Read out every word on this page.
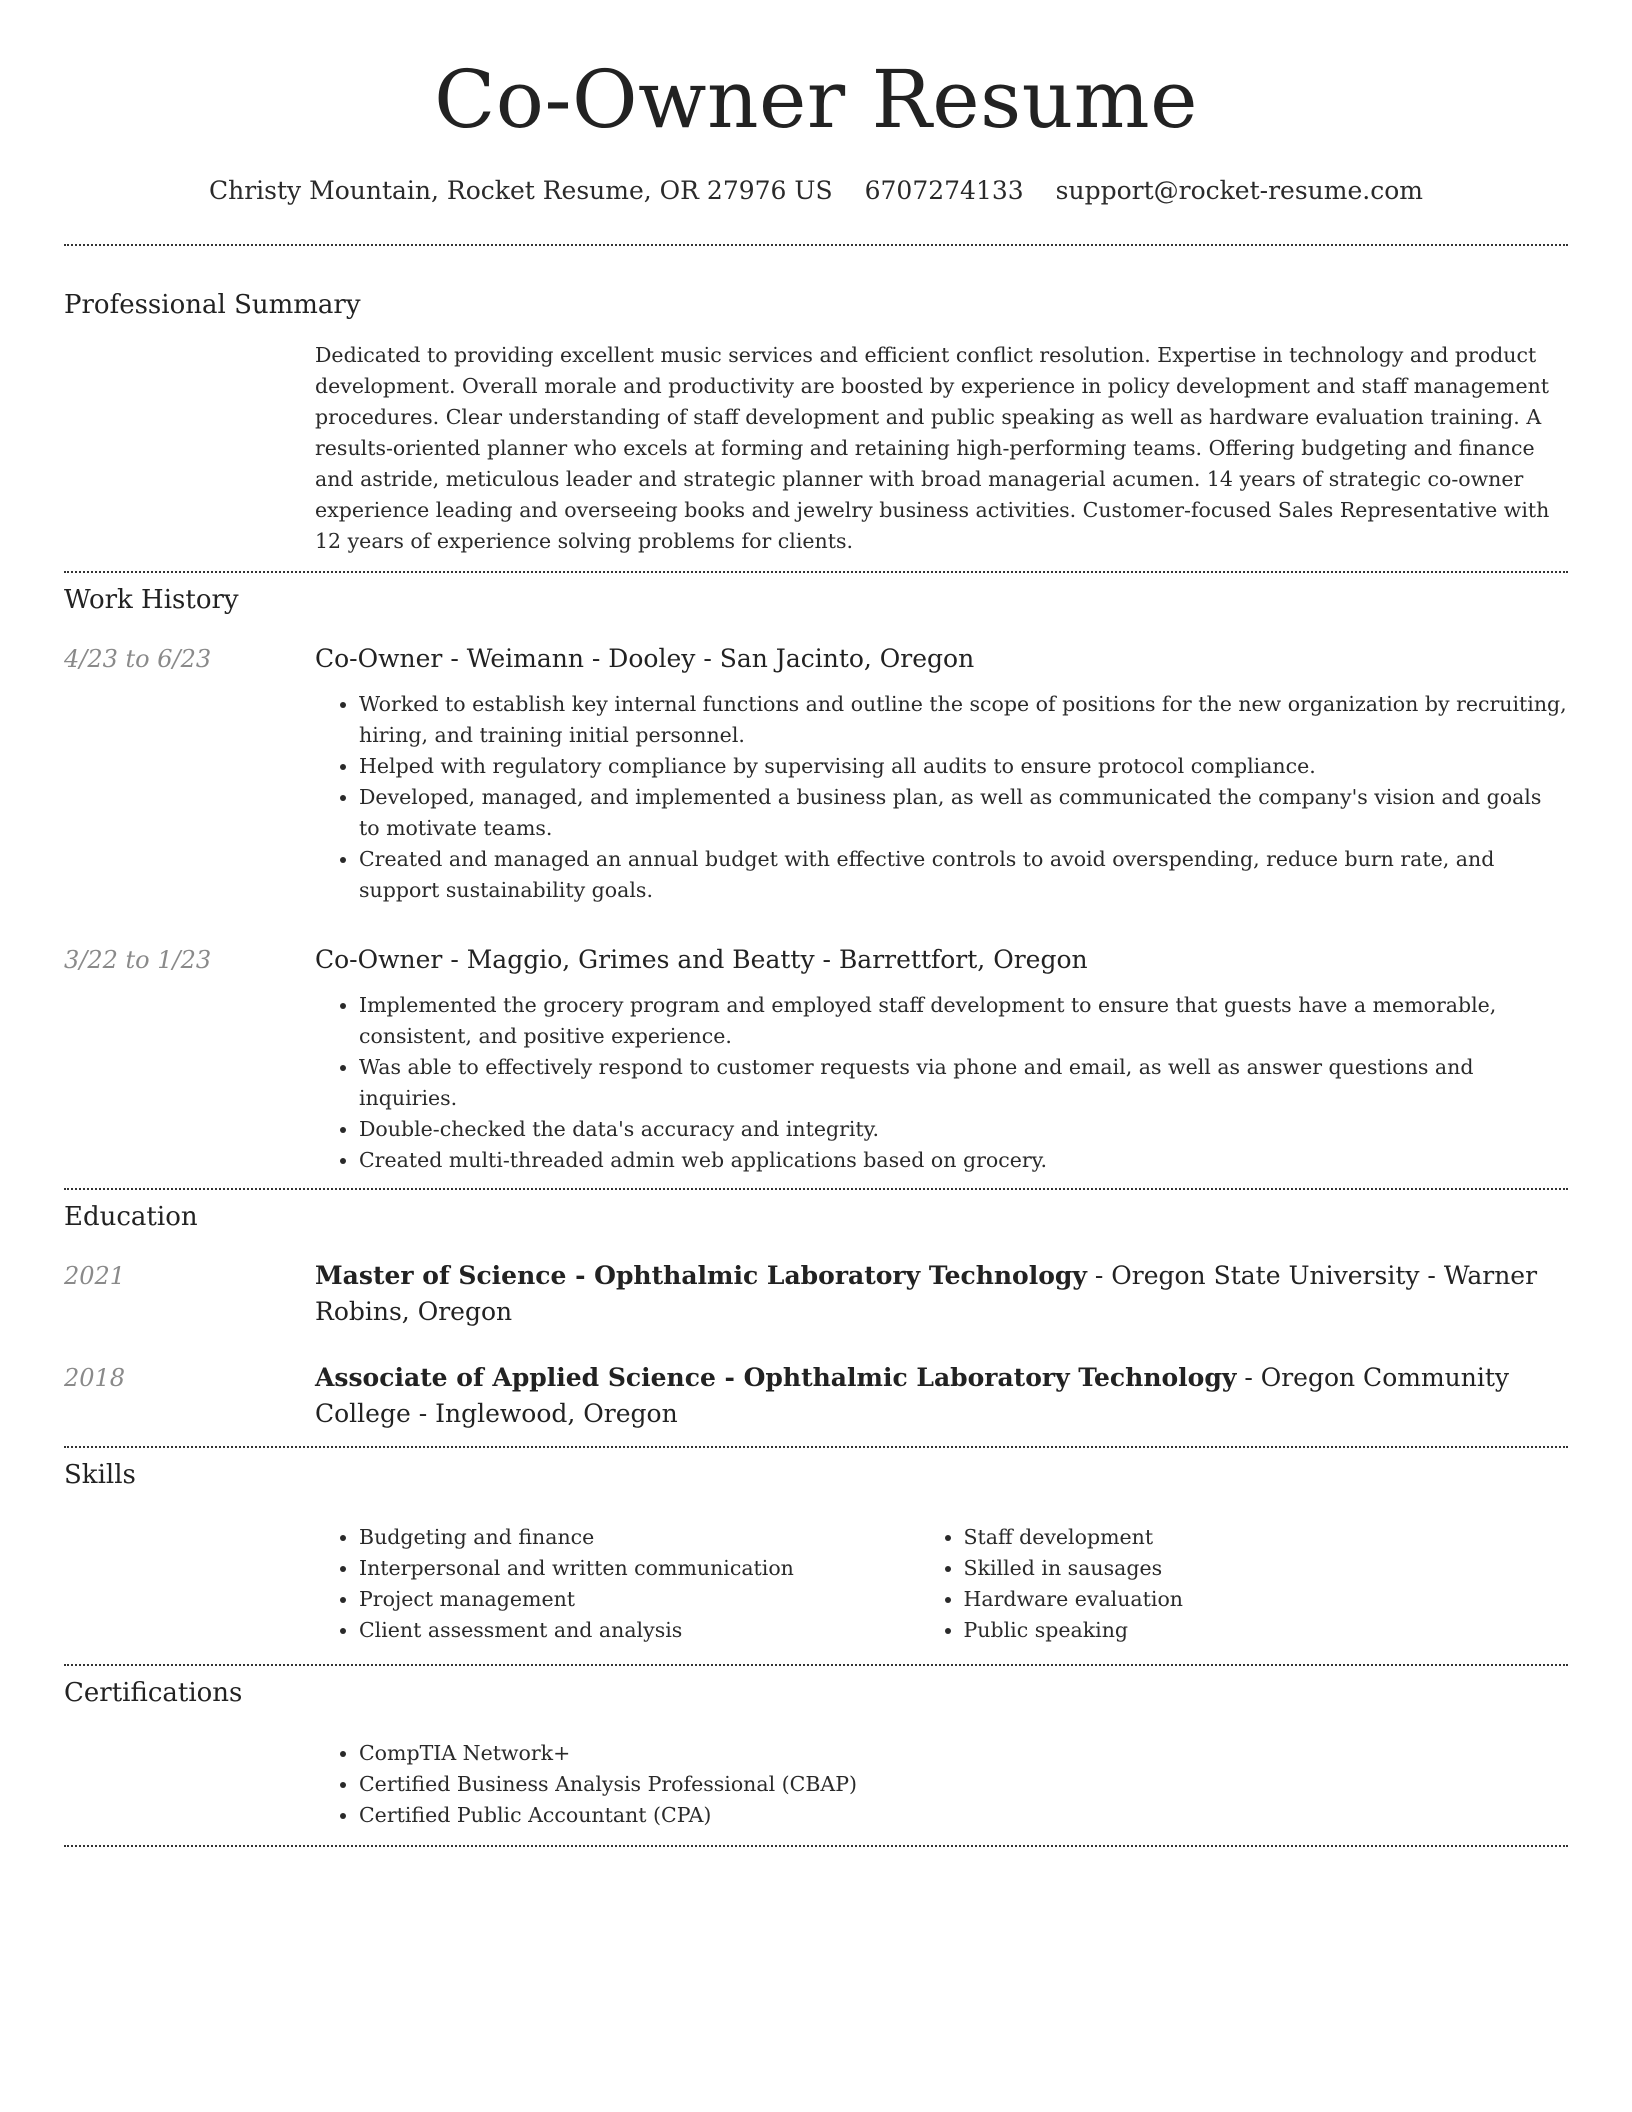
Co-Owner Resume
Christy Mountain, Rocket Resume, OR 27976 US 6707274133 support@rocket-resume.com
Professional Summary

Dedicated to providing excellent music services and efficient conflict resolution. Expertise in technology and product development. Overall morale and productivity are boosted by experience in policy development and staff management procedures. Clear understanding of staff development and public speaking as well as hardware evaluation training. A results-oriented planner who excels at forming and retaining high-performing teams. Offering budgeting and finance and astride, meticulous leader and strategic planner with broad managerial acumen. 14 years of strategic co-owner experience leading and overseeing books and jewelry business activities. Customer-focused Sales Representative with 12 years of experience solving problems for clients.

Work History
4/23 to 6/23	Co-Owner - Weimann - Dooley - San Jacinto, Oregon
• Worked to establish key internal functions and outline the scope of positions for the new organization by recruiting, hiring, and training initial personnel.
• Helped with regulatory compliance by supervising all audits to ensure protocol compliance.
• Developed, managed, and implemented a business plan, as well as communicated the company's vision and goals to motivate teams.
• Created and managed an annual budget with effective controls to avoid overspending, reduce burn rate, and support sustainability goals.
3/22 to 1/23	Co-Owner - Maggio, Grimes and Beatty - Barrettfort, Oregon
• Implemented the grocery program and employed staff development to ensure that guests have a memorable, consistent, and positive experience.
• Was able to effectively respond to customer requests via phone and email, as well as answer questions and inquiries.
• Double-checked the data's accuracy and integrity.
• Created multi-threaded admin web applications based on grocery.
Education
2021	Master of Science - Ophthalmic Laboratory Technology - Oregon State University - Warner Robins, Oregon
2018	Associate of Applied Science - Ophthalmic Laboratory Technology - Oregon Community College - Inglewood, Oregon
Skills
• Budgeting and finance
• Interpersonal and written communication
• Project management
• Client assessment and analysis
• Staff development
• Skilled in sausages
• Hardware evaluation
• Public speaking
Certifications
• CompTIA Network+
• Certified Business Analysis Professional (CBAP)
• Certified Public Accountant (CPA)
